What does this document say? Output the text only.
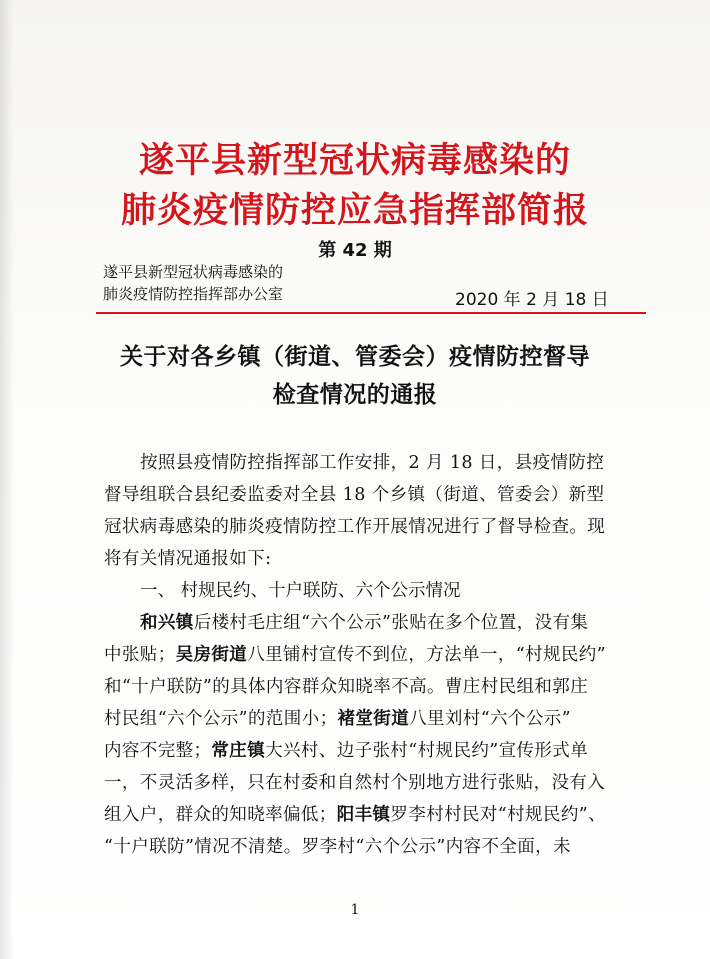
遂平县新型冠状病毒感染的
肺炎疫情防控应急指挥部简报
第 42 期
遂平县新型冠状病毒感染的
肺炎疫情防控指挥部办公室	2020 年 2 月 18 日
关于对各乡镇（街道、管委会）疫情防控督导
检查情况的通报
按照县疫情防控指挥部工作安排，2 月 18 日，县疫情防控
督导组联合县纪委监委对全县 18 个乡镇（街道、管委会）新型
冠状病毒感染的肺炎疫情防控工作开展情况进行了督导检查。现
将有关情况通报如下:
一、 村规民约、十户联防、六个公示情况
和兴镇后楼村毛庄组“六个公示”张贴在多个位置，没有集
中张贴；吴房街道八里铺村宣传不到位，方法单一，“村规民约”
和“十户联防”的具体内容群众知晓率不高。曹庄村民组和郭庄
村民组“六个公示”的范围小；褚堂街道八里刘村“六个公示”
内容不完整；常庄镇大兴村、边子张村“村规民约”宣传形式单
一，不灵活多样，只在村委和自然村个别地方进行张贴，没有入
组入户，群众的知晓率偏低；阳丰镇罗李村村民对“村规民约”、
“十户联防”情况不清楚。罗李村“六个公示”内容不全面，未
1
